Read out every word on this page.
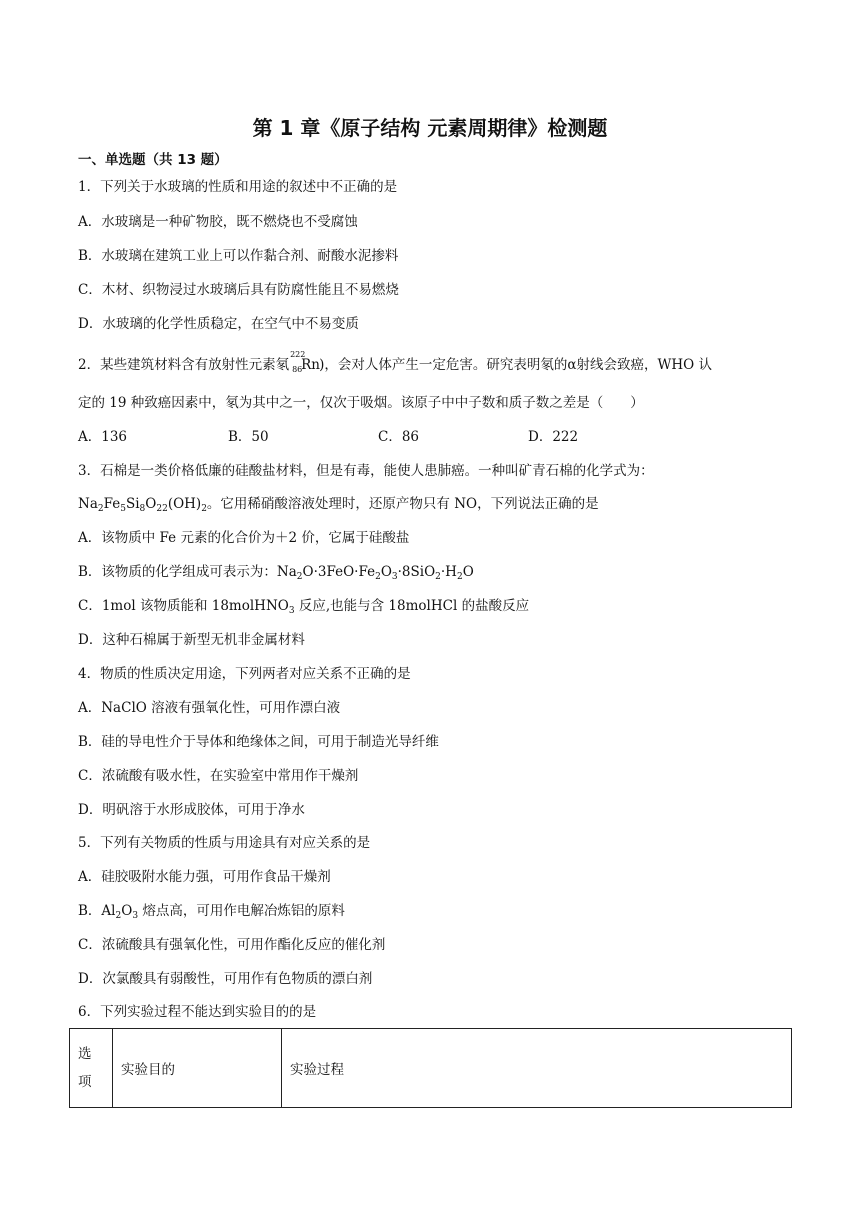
第 1 章《原子结构 元素周期律》检测题
一、单选题（共 13 题）
1．下列关于水玻璃的性质和用途的叙述中不正确的是
A．水玻璃是一种矿物胶，既不燃烧也不受腐蚀
B．水玻璃在建筑工业上可以作黏合剂、耐酸水泥掺料
C．木材、织物浸过水玻璃后具有防腐性能且不易燃烧
D．水玻璃的化学性质稳定，在空气中不易变质
2．某些建筑材料含有放射性元素氡
222
86
Rn )，会对人体产生一定危害。研究表明氡的α射线会致癌，WHO 认
定的 19 种致癌因素中，氡为其中之一，仅次于吸烟。该原子中中子数和质子数之差是（　　）
A．136	B．50	C．86	D．222
3．石棉是一类价格低廉的硅酸盐材料，但是有毒，能使人患肺癌。一种叫矿青石棉的化学式为：
$Na_2Fe_5Si_8O_{22}(OH)_2$。它用稀硝酸溶液处理时，还原产物只有 NO，下列说法正确的是
A．该物质中 Fe 元素的化合价为＋2 价，它属于硅酸盐
B．该物质的化学组成可表示为：$Na_2O\cdot 3FeO\cdot Fe_2O_3\cdot 8SiO_2\cdot H_2O$
C．1mol 该物质能和 18molHNO$_3$ 反应,也能与含 18molHCl 的盐酸反应
D．这种石棉属于新型无机非金属材料
4．物质的性质决定用途，下列两者对应关系不正确的是
A．NaClO 溶液有强氧化性，可用作漂白液
B．硅的导电性介于导体和绝缘体之间，可用于制造光导纤维
C．浓硫酸有吸水性，在实验室中常用作干燥剂
D．明矾溶于水形成胶体，可用于净水
5．下列有关物质的性质与用途具有对应关系的是
A．硅胶吸附水能力强，可用作食品干燥剂
B．$Al_2O_3$ 熔点高，可用作电解冶炼铝的原料
C．浓硫酸具有强氧化性，可用作酯化反应的催化剂
D．次氯酸具有弱酸性，可用作有色物质的漂白剂
6．下列实验过程不能达到实验目的的是
选
项	实验目的	实验过程
